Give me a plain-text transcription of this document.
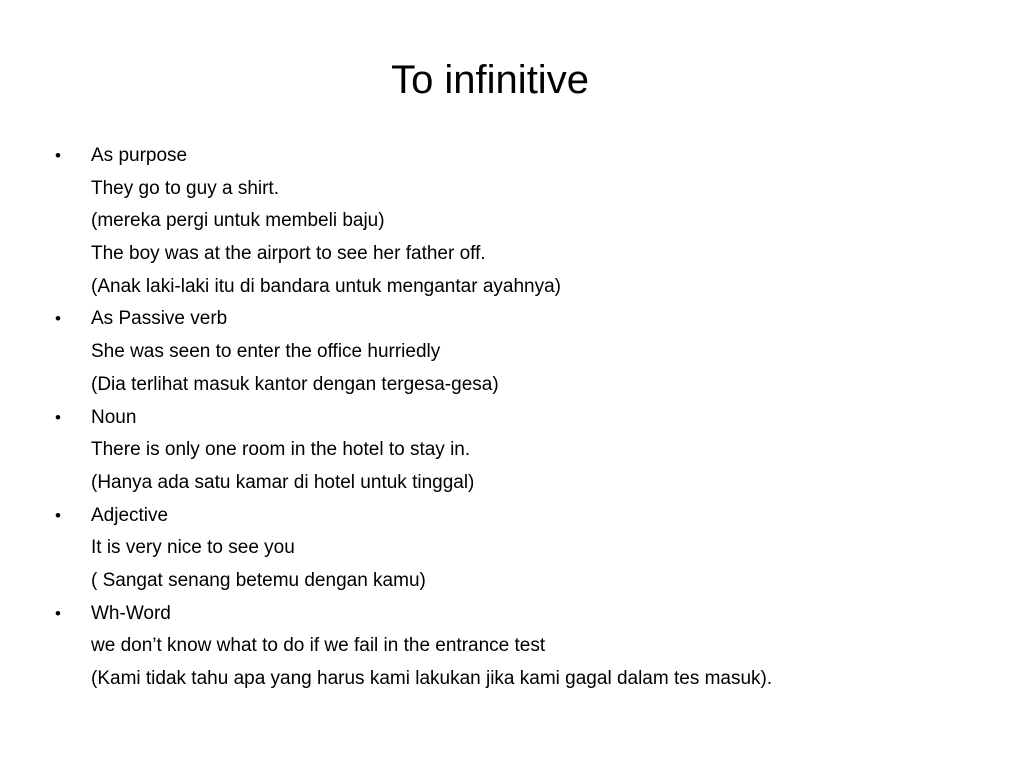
To infinitive
• As purpose
They go to guy a shirt.
(mereka pergi untuk membeli baju)
The boy was at the airport to see her father off.
(Anak laki-laki itu di bandara untuk mengantar ayahnya)
• As Passive verb
She was seen to enter the office hurriedly
(Dia terlihat masuk kantor dengan tergesa-gesa)
• Noun
There is only one room in the hotel to stay in.
(Hanya ada satu kamar di hotel untuk tinggal)
• Adjective
It is very nice to see you
( Sangat senang betemu dengan kamu)
• Wh-Word
we don’t know what to do if we fail in the entrance test
(Kami tidak tahu apa yang harus kami lakukan jika kami gagal dalam tes masuk).
